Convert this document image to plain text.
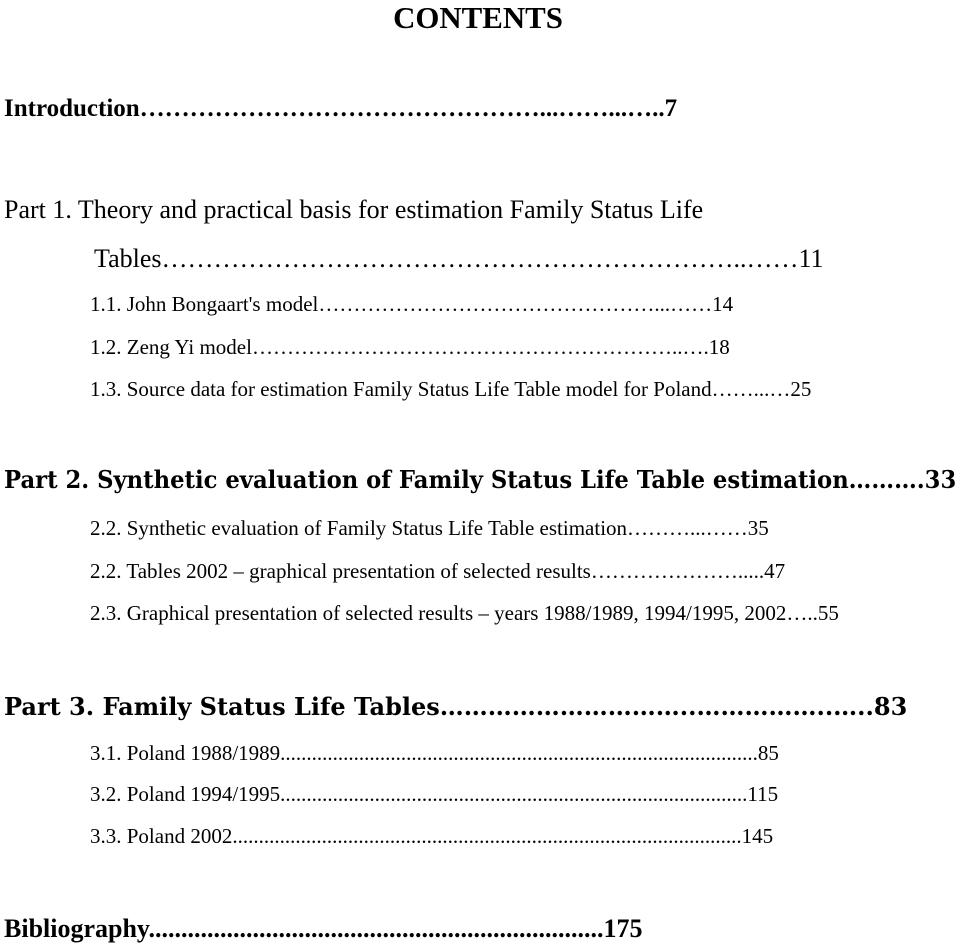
CONTENTS
Introduction…………………………………………...……...…..7
Part 1. Theory and practical basis for estimation Family Status Life
Tables…………………………………………………………..……11
1.1. John Bongaart's model…………………………………………...……14
1.2. Zeng Yi model……………………………………………………..….18
1.3. Source data for estimation Family Status Life Table model for Poland……...…25
Part 2. Synthetic evaluation of Family Status Life Table estimation……….33
2.2. Synthetic evaluation of Family Status Life Table estimation………...……35
2.2. Tables 2002 – graphical presentation of selected results………………….....47
2.3. Graphical presentation of selected results – years 1988/1989, 1994/1995, 2002…..55
Part 3. Family Status Life Tables…………………………..……………..…..83
3.1. Poland 1988/1989...........................................................................................85
3.2. Poland 1994/1995.........................................................................................115
3.3. Poland 2002.................................................................................................145
Bibliography......................................................................175
